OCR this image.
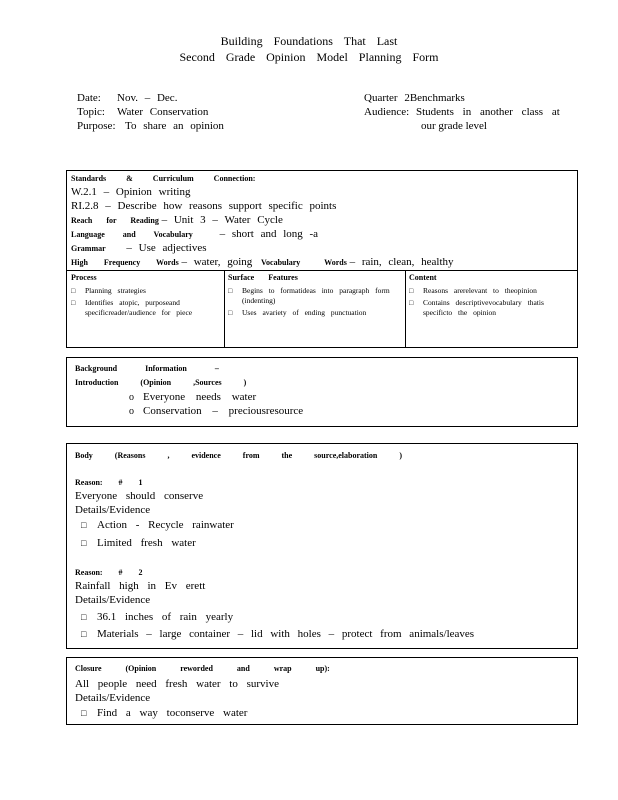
Building Foundations That Last
Second Grade Opinion Model Planning Form
Date: Nov. – Dec.
Topic: Water Conservation
Purpose: To share an opinion
Quarter 2Benchmarks
Audience: Students in another class at
our grade level
Standards & Curriculum Connection:
W.2.1 – Opinion writing
RI.2.8 – Describe how reasons support specific points
Reach for Reading – Unit 3 – Water Cycle
Language and Vocabulary – short and long -a
Grammar – Use adjectives
High Frequency Words – water, going Vocabulary Words – rain, clean, healthy
Process
□ Planning strategies
□ Identifies atopic, purposeand specificreader/audience for piece
Surface Features
□ Begins to formatideas into paragraph form (indenting)
□ Uses avariety of ending punctuation
Content
□ Reasons arerelevant to theopinion
□ Contains descriptivevocabulary thatis specificto the opinion
Background Information –
Introduction (Opinion ,Sources )
o Everyone needs water
o Conservation – preciousresource
Body (Reasons , evidence from the source,elaboration )
Reason: # 1
Everyone should conserve
Details/Evidence
□ Action - Recycle rainwater
□ Limited fresh water
Reason: # 2
Rainfall high in Ev erett
Details/Evidence
□ 36.1 inches of rain yearly
□ Materials – large container – lid with holes – protect from animals/leaves
Closure (Opinion reworded and wrap up):
All people need fresh water to survive
Details/Evidence
□ Find a way toconserve water
